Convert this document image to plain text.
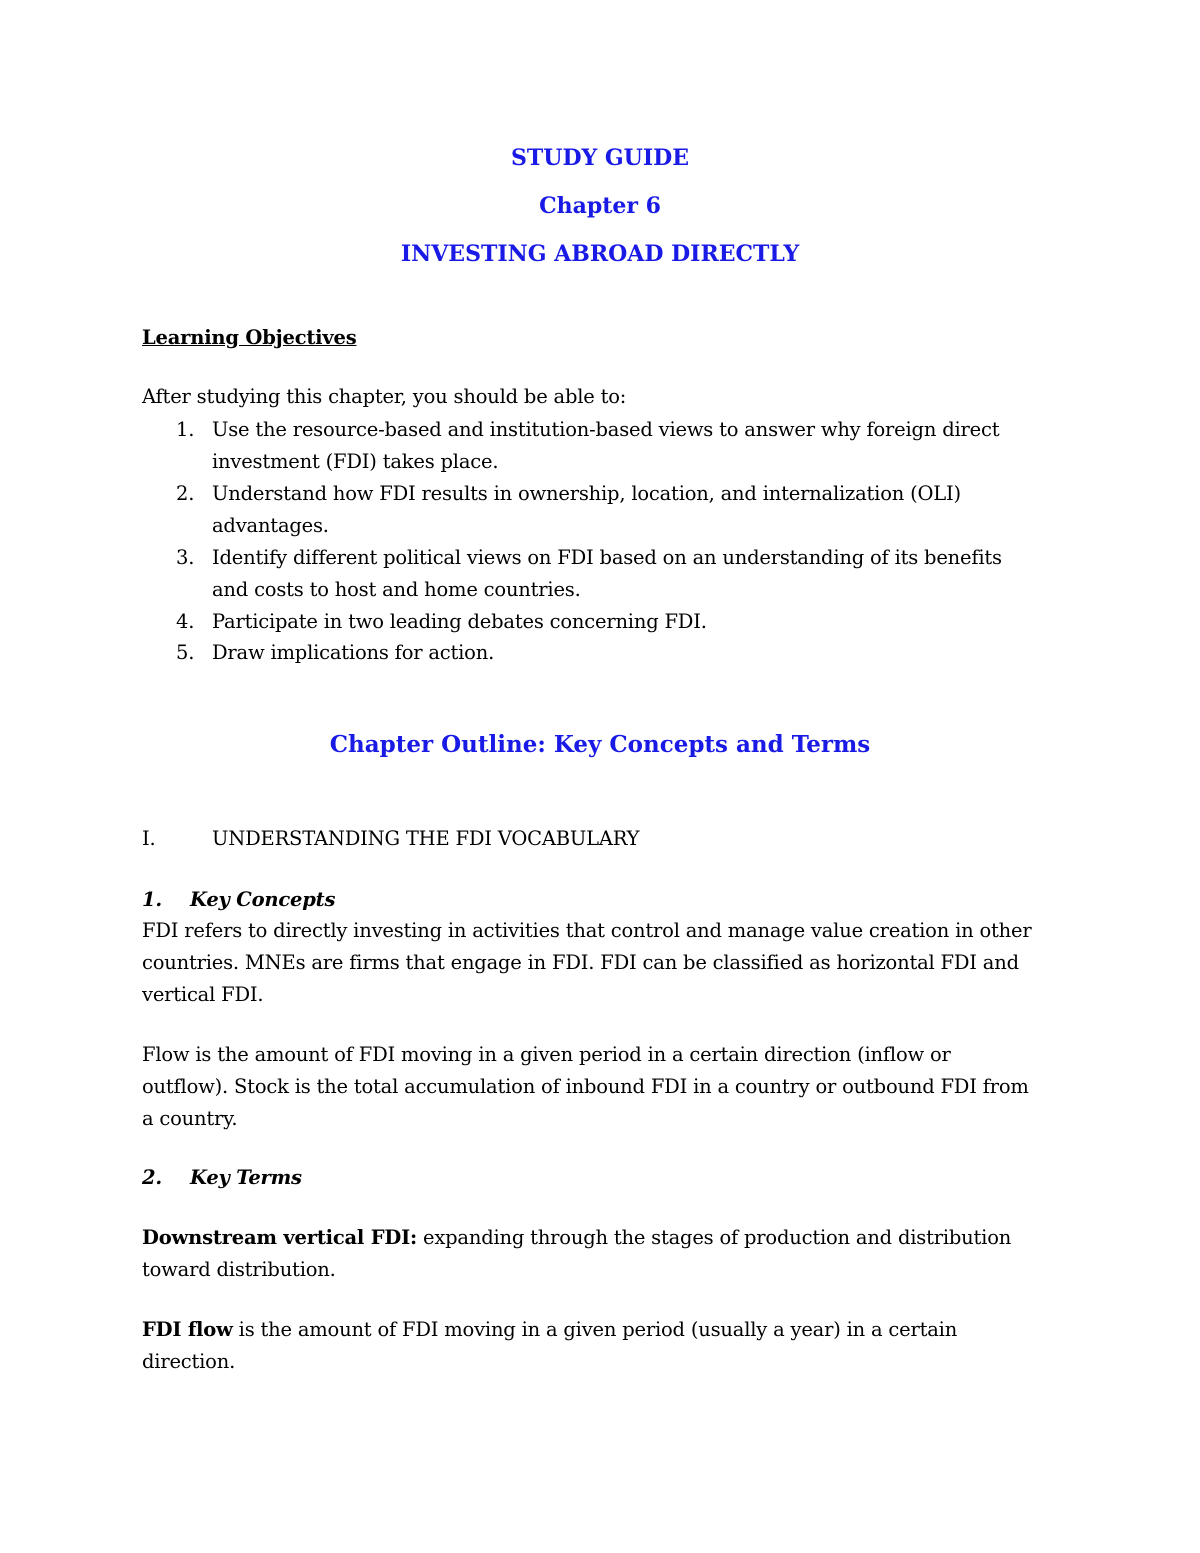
STUDY GUIDE
Chapter 6
INVESTING ABROAD DIRECTLY
Learning Objectives
After studying this chapter, you should be able to:
1. Use the resource-based and institution-based views to answer why foreign direct
investment (FDI) takes place.
2. Understand how FDI results in ownership, location, and internalization (OLI)
advantages.
3. Identify different political views on FDI based on an understanding of its benefits
and costs to host and home countries.
4. Participate in two leading debates concerning FDI.
5. Draw implications for action.
Chapter Outline: Key Concepts and Terms
I.	UNDERSTANDING THE FDI VOCABULARY
1. Key Concepts
FDI refers to directly investing in activities that control and manage value creation in other
countries. MNEs are firms that engage in FDI. FDI can be classified as horizontal FDI and
vertical FDI.
Flow is the amount of FDI moving in a given period in a certain direction (inflow or
outflow). Stock is the total accumulation of inbound FDI in a country or outbound FDI from
a country.
2. Key Terms
Downstream vertical FDI: expanding through the stages of production and distribution
toward distribution.
FDI flow is the amount of FDI moving in a given period (usually a year) in a certain
direction.
